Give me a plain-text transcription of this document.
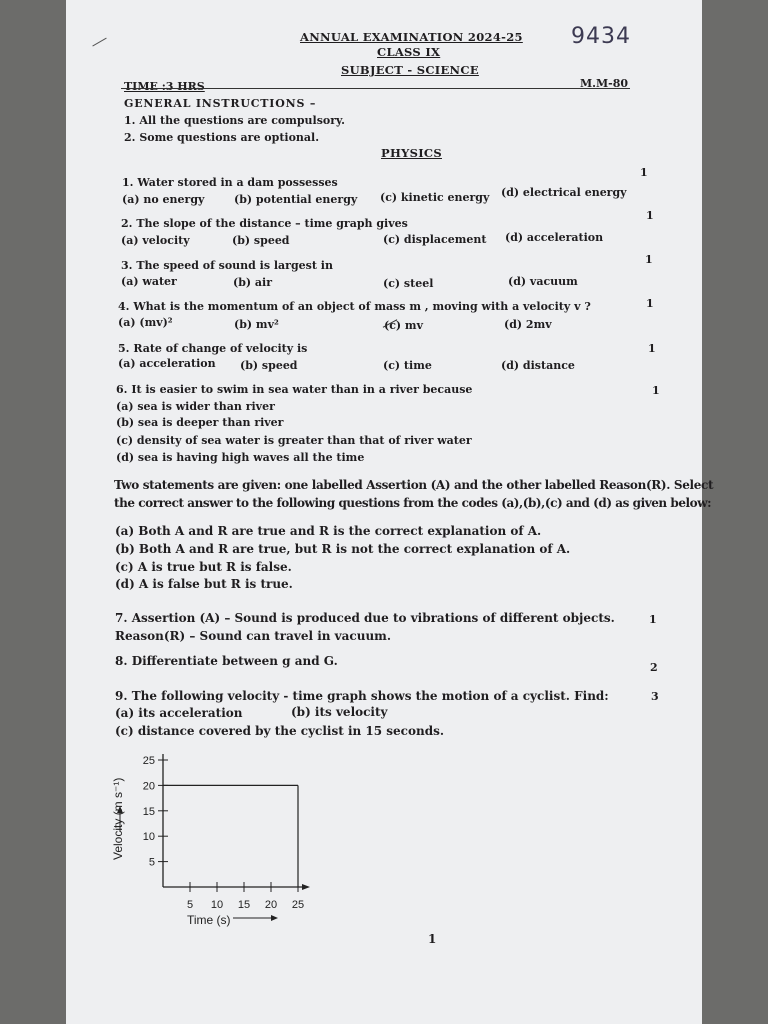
ANNUAL EXAMINATION 2024-25
CLASS IX
SUBJECT - SCIENCE
9434
TIME :3 HRS	M.M-80
GENERAL INSTRUCTIONS –
1. All the questions are compulsory.
2. Some questions are optional.
PHYSICS
1. Water stored in a dam possesses
1
(a) no energy	(b) potential energy (c) kinetic energy (d) electrical energy
2. The slope of the distance – time graph gives
1
(a) velocity	(b) speed	(c) displacement (d) acceleration
3. The speed of sound is largest in	1
(a) water	(b) air	(c) steel	(d) vacuum
4. What is the momentum of an object of mass m , moving with a velocity v ?	1
(a) (mv)²	(b) mv²	(c) mv	(d) 2mv
5. Rate of change of velocity is	1
(a) acceleration (b) speed	(c) time	(d) distance
6. It is easier to swim in sea water than in a river because	1
(a) sea is wider than river
(b) sea is deeper than river
(c) density of sea water is greater than that of river water
(d) sea is having high waves all the time
Two statements are given: one labelled Assertion (A) and the other labelled Reason(R). Select
the correct answer to the following questions from the codes (a),(b),(c) and (d) as given below:
(a) Both A and R are true and R is the correct explanation of A.
(b) Both A and R are true, but R is not the correct explanation of A.
(c) A is true but R is false.
(d) A is false but R is true.
7. Assertion (A) – Sound is produced due to vibrations of different objects.
Reason(R) – Sound can travel in vacuum.
1
8. Differentiate between g and G.	2
9. The following velocity - time graph shows the motion of a cyclist. Find:	3
(a) its acceleration	(b) its velocity
(c) distance covered by the cyclist in 15 seconds.
5
10
15
20
25
5 10 15 20 25
Time (s)
Velocity (m s⁻¹)
1
